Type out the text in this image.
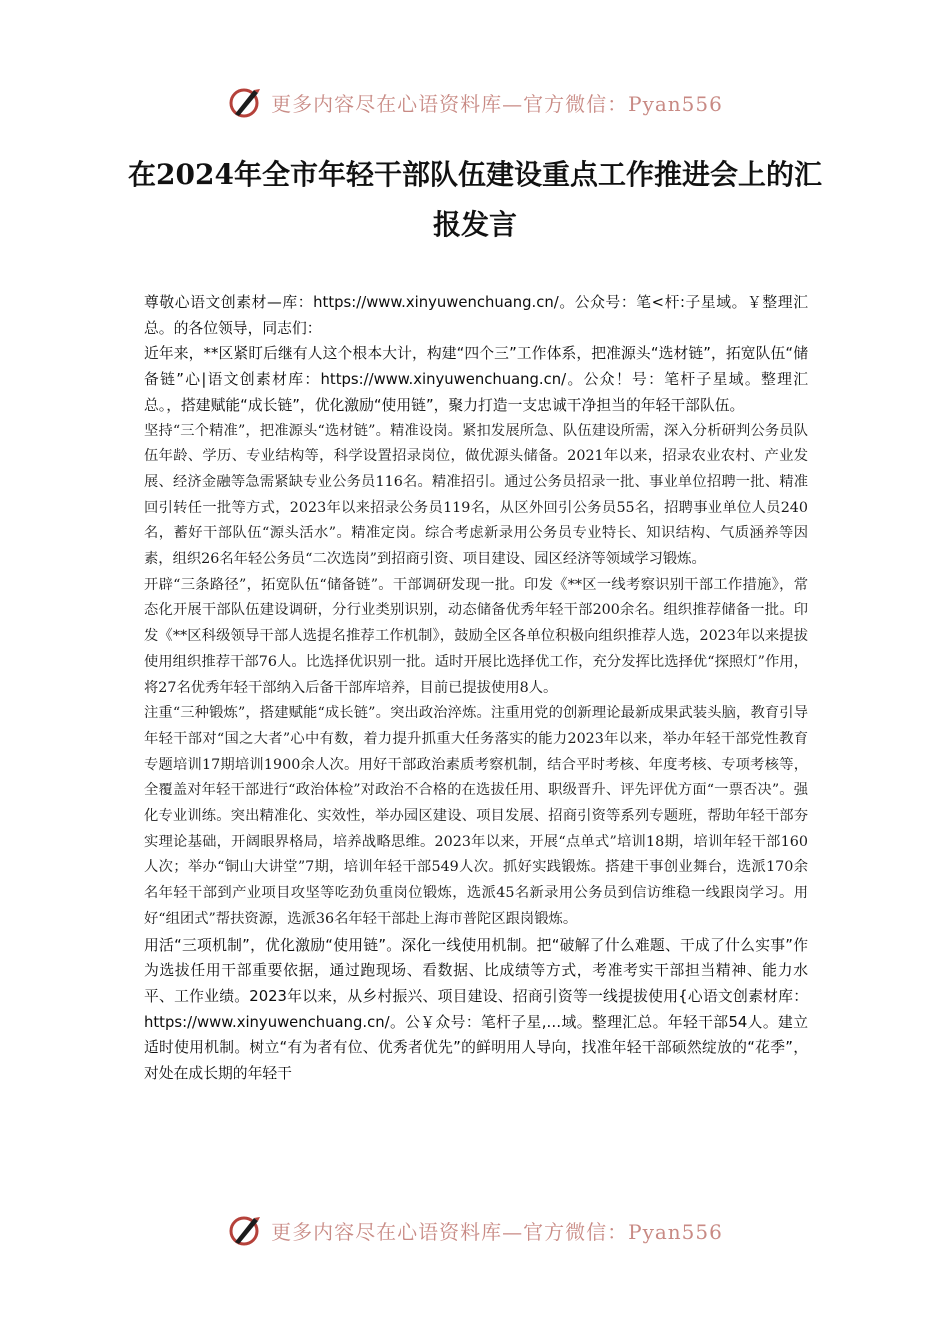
更多内容尽在心语资料库—官方微信：Pyan556
在2024年全市年轻干部队伍建设重点工作推进会上的汇报发言

尊敬心语文创素材—库：https://www.xinyuwenchuang.cn/。公众号：笔<杆:子星域。￥整理汇总。的各位领导，同志们：

近年来，**区紧盯后继有人这个根本大计，构建“四个三”工作体系，把准源头“选材链”，拓宽队伍“储备链”心|语文创素材库：https://www.xinyuwenchuang.cn/。公众！号：笔杆子星域。整理汇总。，搭建赋能“成长链”，优化激励“使用链”，聚力打造一支忠诚干净担当的年轻干部队伍。

坚持“三个精准”，把准源头“选材链”。精准设岗。紧扣发展所急、队伍建设所需，深入分析研判公务员队伍年龄、学历、专业结构等，科学设置招录岗位，做优源头储备。2021年以来，招录农业农村、产业发展、经济金融等急需紧缺专业公务员116名。精准招引。通过公务员招录一批、事业单位招聘一批、精准回引转任一批等方式，2023年以来招录公务员119名，从区外回引公务员55名，招聘事业单位人员240名，蓄好干部队伍“源头活水”。精准定岗。综合考虑新录用公务员专业特长、知识结构、气质涵养等因素，组织26名年轻公务员“二次选岗”到招商引资、项目建设、园区经济等领域学习锻炼。

开辟“三条路径”，拓宽队伍“储备链”。干部调研发现一批。印发《**区一线考察识别干部工作措施》，常态化开展干部队伍建设调研，分行业类别识别，动态储备优秀年轻干部200余名。组织推荐储备一批。印发《**区科级领导干部人选提名推荐工作机制》，鼓励全区各单位积极向组织推荐人选，2023年以来提拔使用组织推荐干部76人。比选择优识别一批。适时开展比选择优工作，充分发挥比选择优“探照灯”作用，将27名优秀年轻干部纳入后备干部库培养，目前已提拔使用8人。

注重“三种锻炼”，搭建赋能“成长链”。突出政治淬炼。注重用党的创新理论最新成果武装头脑，教育引导年轻干部对“国之大者”心中有数，着力提升抓重大任务落实的能力2023年以来，举办年轻干部党性教育专题培训17期培训1900余人次。用好干部政治素质考察机制，结合平时考核、年度考核、专项考核等，全覆盖对年轻干部进行“政治体检”对政治不合格的在选拔任用、职级晋升、评先评优方面“一票否决”。强化专业训练。突出精准化、实效性，举办园区建设、项目发展、招商引资等系列专题班，帮助年轻干部夯实理论基础，开阔眼界格局，培养战略思维。2023年以来，开展“点单式”培训18期，培训年轻干部160人次；举办“铜山大讲堂”7期，培训年轻干部549人次。抓好实践锻炼。搭建干事创业舞台，选派170余名年轻干部到产业项目攻坚等吃劲负重岗位锻炼，选派45名新录用公务员到信访维稳一线跟岗学习。用好“组团式”帮扶资源，选派36名年轻干部赴上海市普陀区跟岗锻炼。

用活“三项机制”，优化激励“使用链”。深化一线使用机制。把“破解了什么难题、干成了什么实事”作为选拔任用干部重要依据，通过跑现场、看数据、比成绩等方式，考准考实干部担当精神、能力水平、工作业绩。2023年以来，从乡村振兴、项目建设、招商引资等一线提拔使用{心语文创素材库：https://www.xinyuwenchuang.cn/。公￥众号：笔杆子星,…域。整理汇总。年轻干部54人。建立适时使用机制。树立“有为者有位、优秀者优先”的鲜明用人导向，找准年轻干部硕然绽放的“花季”，对处在成长期的年轻干

更多内容尽在心语资料库—官方微信：Pyan556
